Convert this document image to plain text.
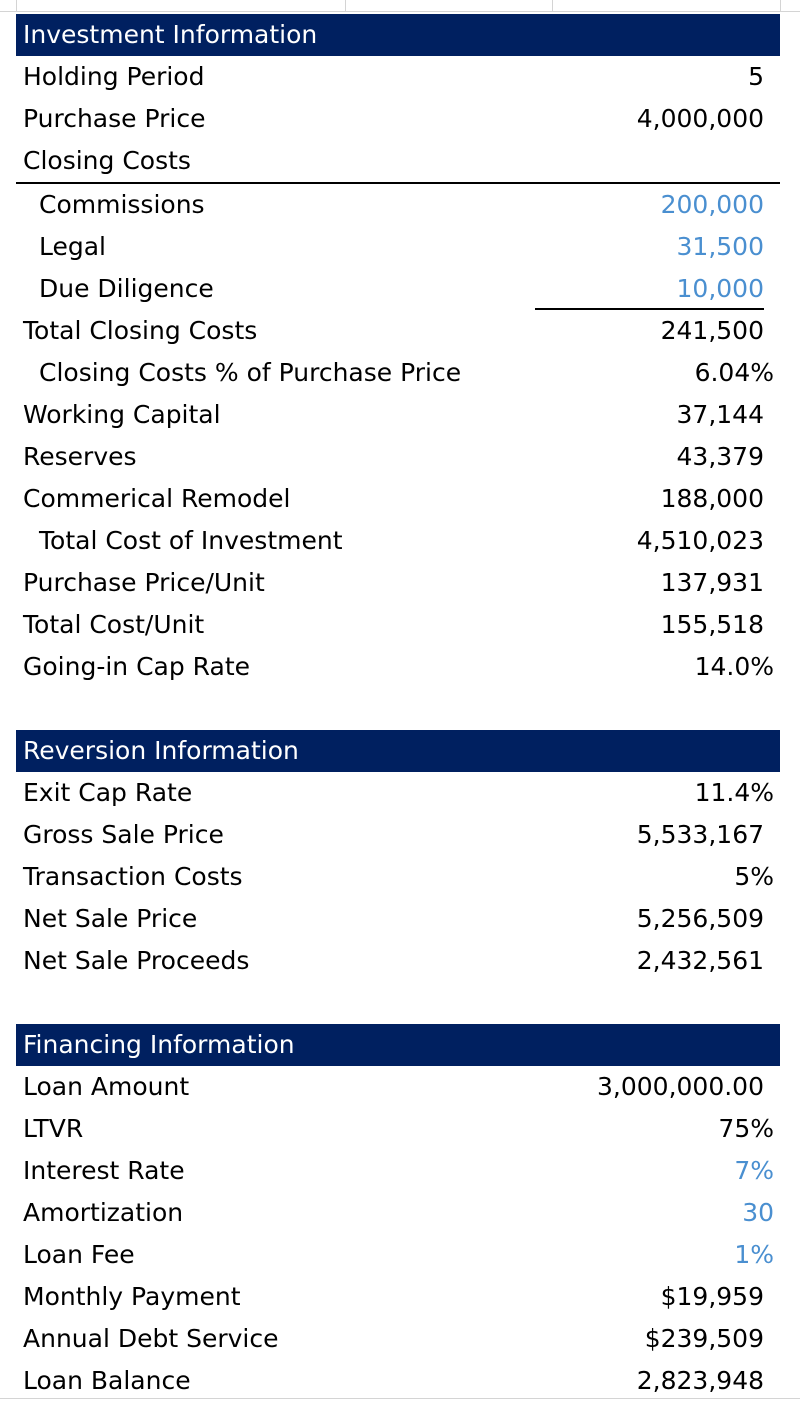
Investment Information
Holding Period	5
Purchase Price	4,000,000
Closing Costs
Commissions	200,000
Legal	31,500
Due Diligence	10,000
Total Closing Costs	241,500
Closing Costs % of Purchase Price	6.04%
Working Capital	37,144
Reserves	43,379
Commerical Remodel	188,000
Total Cost of Investment	4,510,023
Purchase Price/Unit	137,931
Total Cost/Unit	155,518
Going-in Cap Rate	14.0%
Reversion Information
Exit Cap Rate	11.4%
Gross Sale Price	5,533,167
Transaction Costs	5%
Net Sale Price	5,256,509
Net Sale Proceeds	2,432,561
Financing Information
Loan Amount	3,000,000.00
LTVR	75%
Interest Rate	7%
Amortization	30
Loan Fee	1%
Monthly Payment	$19,959
Annual Debt Service	$239,509
Loan Balance	2,823,948
